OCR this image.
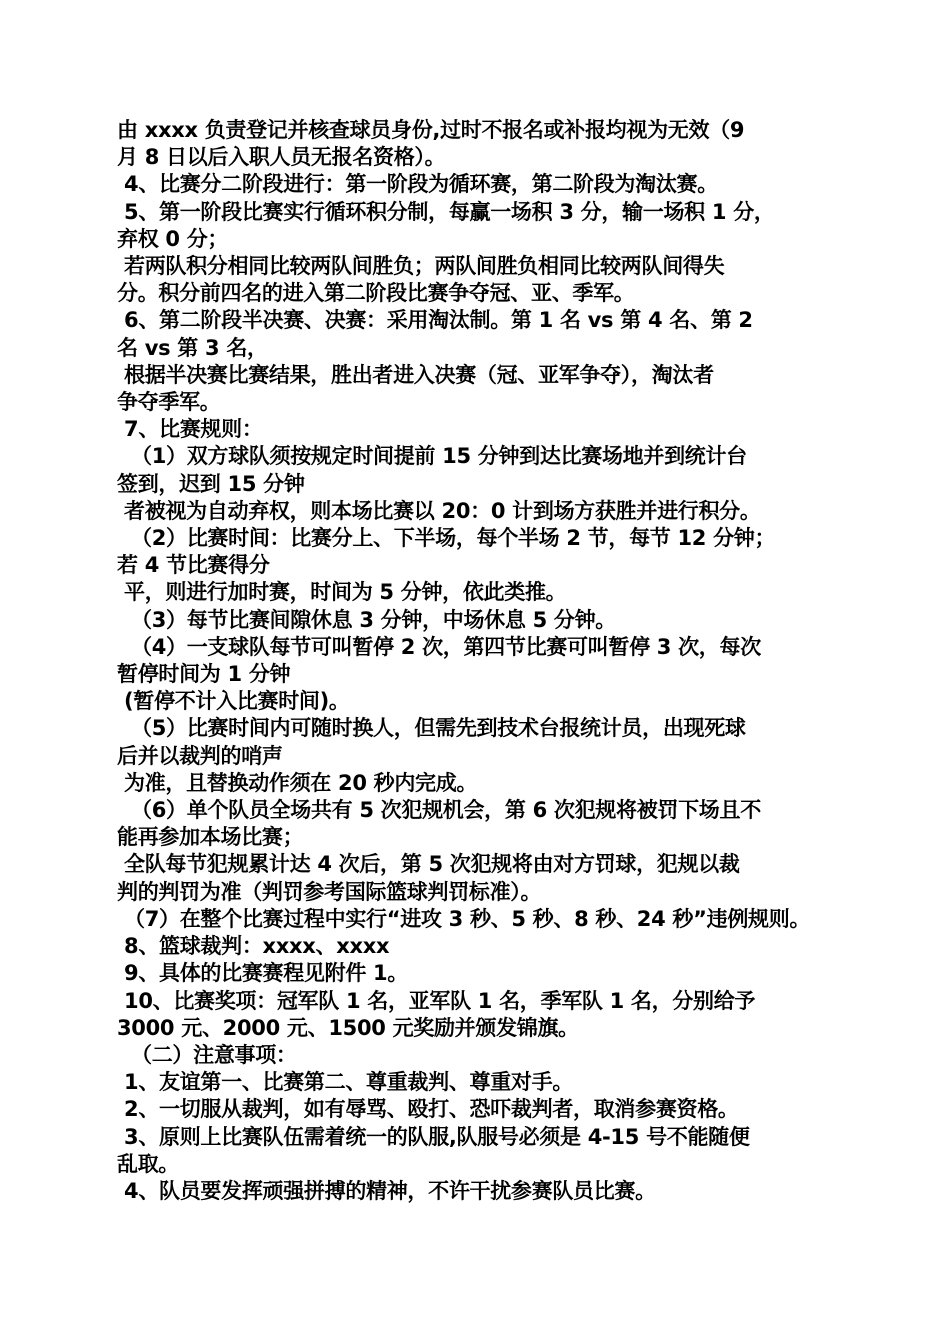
由 xxxx 负责登记并核查球员身份,过时不报名或补报均视为无效（9
月 8 日以后入职人员无报名资格）。
4、比赛分二阶段进行：第一阶段为循环赛，第二阶段为淘汰赛。
5、第一阶段比赛实行循环积分制，每赢一场积 3 分，输一场积 1 分，
弃权 0 分；
若两队积分相同比较两队间胜负；两队间胜负相同比较两队间得失
分。积分前四名的进入第二阶段比赛争夺冠、亚、季军。
6、第二阶段半决赛、决赛：采用淘汰制。第 1 名 vs 第 4 名、第 2
名 vs 第 3 名，
根据半决赛比赛结果，胜出者进入决赛（冠、亚军争夺），淘汰者
争夺季军。
7、比赛规则：
（1）双方球队须按规定时间提前 15 分钟到达比赛场地并到统计台
签到，迟到 15 分钟
者被视为自动弃权，则本场比赛以 20：0 计到场方获胜并进行积分。
（2）比赛时间：比赛分上、下半场，每个半场 2 节，每节 12 分钟；
若 4 节比赛得分
平，则进行加时赛，时间为 5 分钟，依此类推。
（3）每节比赛间隙休息 3 分钟，中场休息 5 分钟。
（4）一支球队每节可叫暂停 2 次，第四节比赛可叫暂停 3 次，每次
暂停时间为 1 分钟
(暂停不计入比赛时间)。
（5）比赛时间内可随时换人，但需先到技术台报统计员，出现死球
后并以裁判的哨声
为准，且替换动作须在 20 秒内完成。
（6）单个队员全场共有 5 次犯规机会，第 6 次犯规将被罚下场且不
能再参加本场比赛；
全队每节犯规累计达 4 次后，第 5 次犯规将由对方罚球，犯规以裁
判的判罚为准（判罚参考国际篮球判罚标准）。
（7）在整个比赛过程中实行“进攻 3 秒、5 秒、8 秒、24 秒”违例规则。
8、篮球裁判：xxxx、xxxx
9、具体的比赛赛程见附件 1。
10、比赛奖项：冠军队 1 名，亚军队 1 名，季军队 1 名，分别给予
3000 元、2000 元、1500 元奖励并颁发锦旗。
（二）注意事项：
1、友谊第一、比赛第二、尊重裁判、尊重对手。
2、一切服从裁判，如有辱骂、殴打、恐吓裁判者，取消参赛资格。
3、原则上比赛队伍需着统一的队服,队服号必须是 4-15 号不能随便
乱取。
4、队员要发挥顽强拼搏的精神，不许干扰参赛队员比赛。
